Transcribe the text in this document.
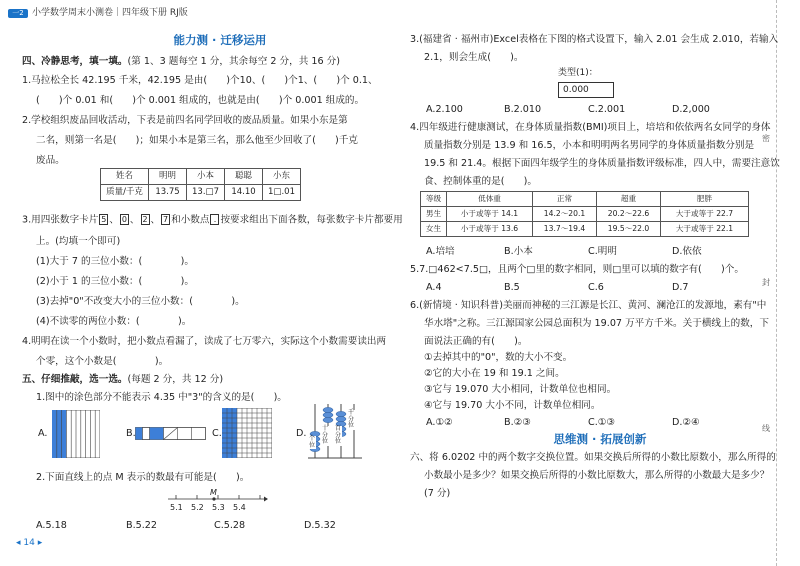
一2 小学数学周末小测卷｜四年级下册 RJ版
能力测 · 迁移运用
四、冷静思考，填一填。(第 1、3 题每空 1 分，其余每空 2 分，共 16 分)
1.马拉松全长 42.195 千米，42.195 是由(　　)个10、(　　)个1、(　　)个 0.1、
(　　)个 0.01 和(　　)个 0.001 组成的，也就是由(　　)个 0.001 组成的。
2.学校组织废品回收活动，下表是前四名同学回收的废品质量。如果小东是第
二名，则第一名是(　　)；如果小本是第三名，那么他至少回收了(　　)千克
废品。
姓名	明明	小本	聪聪	小东
质量/千克	13.75	13.□7	14.10	1□.01
3.用四张数字卡片 5 、 0 、 2 、 7 和小数点 . 按要求组出下面各数，每张数字卡片都要用
上。(均填一个即可)
(1)大于 7 的三位小数：(　　　　)。
(2)小于 1 的三位小数：(　　　　)。
(3)去掉"0"不改变大小的三位小数：(　　　　)。
(4)不读零的两位小数：(　　　　)。
4.明明在读一个小数时，把小数点看漏了，读成了七万零六，实际这个小数需要读出两
个零，这个小数是(　　　　)。
五、仔细推敲，选一选。(每题 2 分，共 12 分)
1.图中的涂色部分不能表示 4.35 中"3"的含义的是(　　)。
A.	B.	C.	D. 个位
十分位
百分位
千分位
2.下面直线上的点 M 表示的数最有可能是(　　)。
M
5.1 5.2 5.3 5.4
A.5.18	B.5.22	C.5.28	D.5.32
3.(福建省 · 福州市)Excel表格在下图的格式设置下，输入 2.01 会生成 2.010，若输入
2.1，则会生成(　　)。
类型(1)：
0.000
A.2.100	B.2.010	C.2.001	D.2,000
4.四年级进行健康测试，在身体质量指数(BMI)项目上，培培和依依两名女同学的身体
质量指数分别是 13.9 和 16.5，小本和明明两名男同学的身体质量指数分别是
19.5 和 21.4。根据下面四年级学生的身体质量指数评级标准，四人中，需要注意饮
食、控制体重的是(　　)。
等级	低体重	正常	超重	肥胖
男生	小于或等于 14.1	14.2～20.1	20.2～22.6	大于或等于 22.7
女生	小于或等于 13.6	13.7～19.4	19.5～22.0	大于或等于 22.1
A.培培	B.小本	C.明明	D.依依
5.7.□462<7.5□，且两个□里的数字相同，则□里可以填的数字有(　　)个。
A.4	B.5	C.6	D.7
6.(新情境 · 知识科普)美丽而神秘的三江源是长江、黄河、澜沧江的发源地，素有"中
华水塔"之称。三江源国家公园总面积为 19.07 万平方千米。关于横线上的数，下
面说法正确的有(　　)。
①去掉其中的"0"，数的大小不变。
②它的大小在 19 和 19.1 之间。
③它与 19.070 大小相同，计数单位也相同。
④它与 19.70 大小不同，计数单位相同。
A.①②	B.②③	C.①③	D.②④
思维测 · 拓展创新
六、将 6.0202 中的两个数字交换位置。如果交换后所得的小数比原数小，那么所得的
小数最小是多少？如果交换后所得的小数比原数大，那么所得的小数最大是多少？
(7 分)
密
封
线
◂ 14 ▸
